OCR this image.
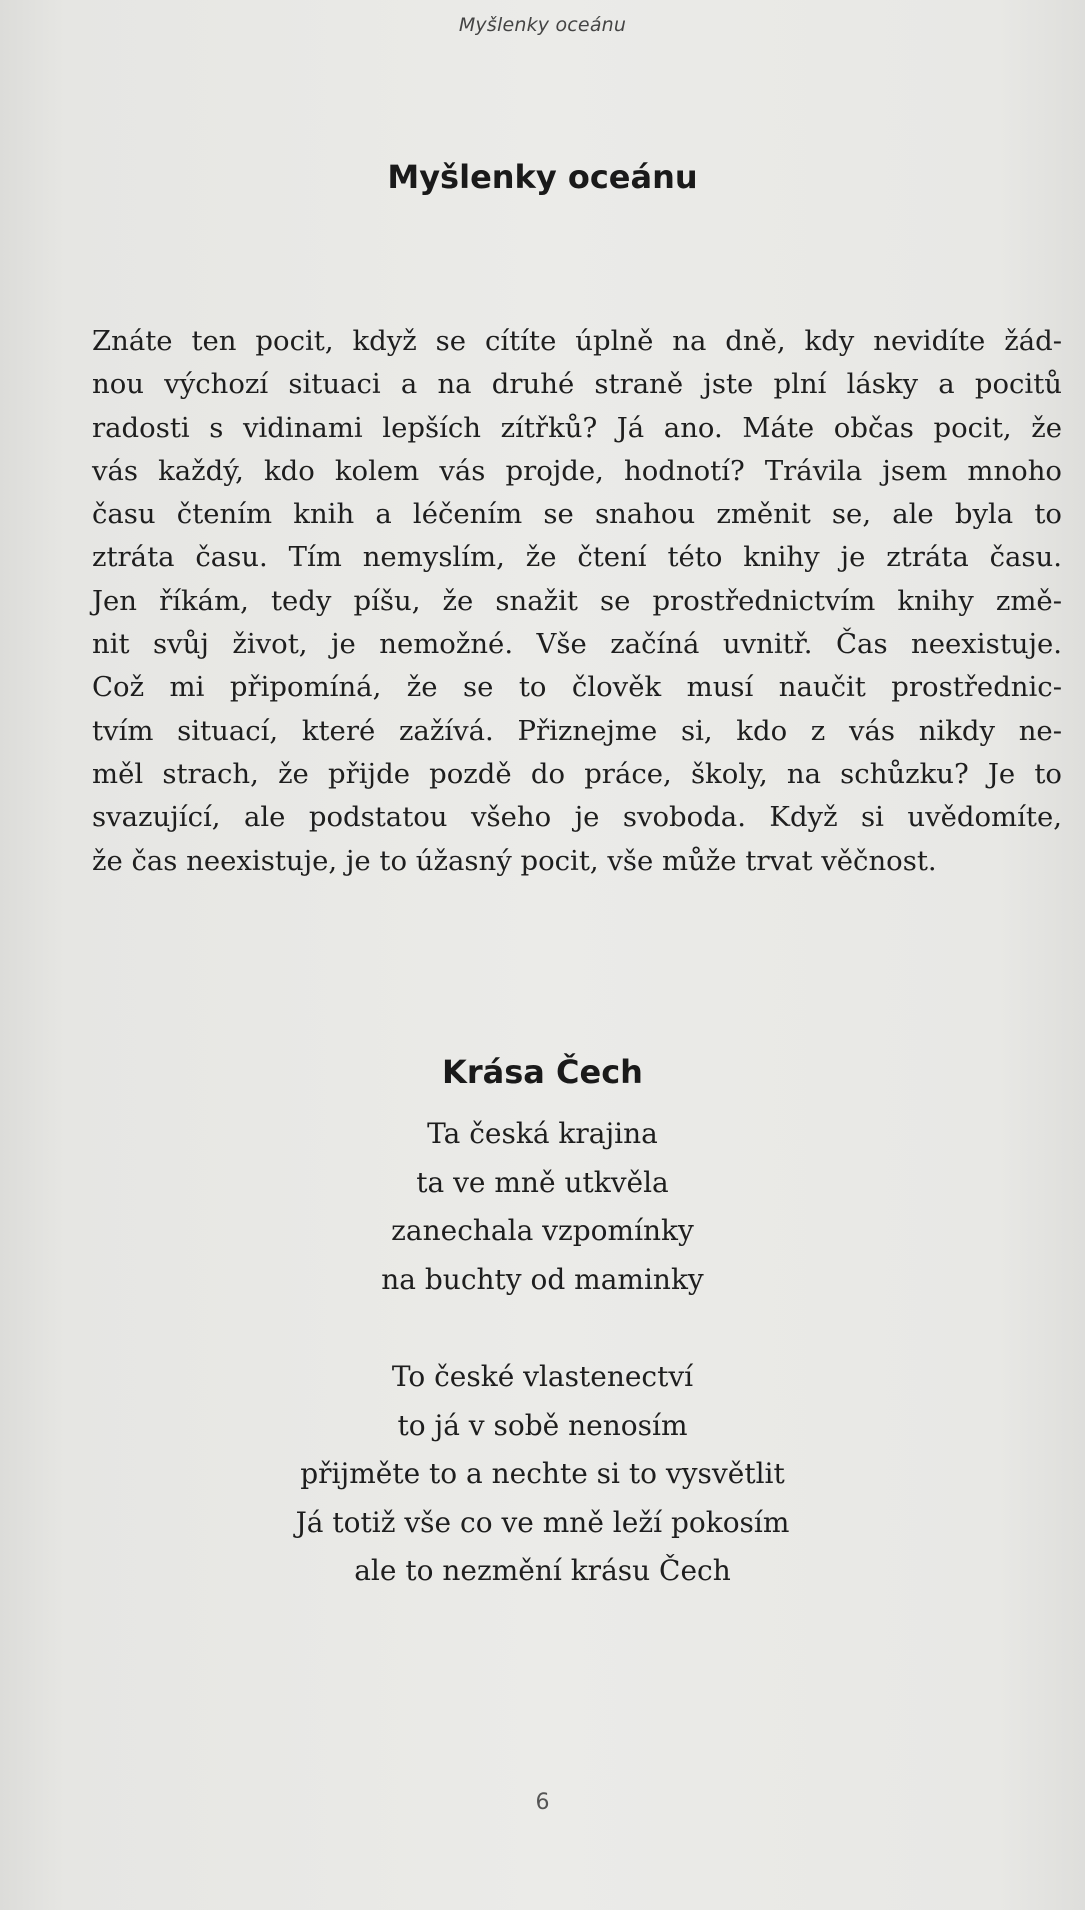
Myšlenky oceánu
Myšlenky oceánu
Znáte ten pocit, když se cítíte úplně na dně, kdy nevidíte žád-
nou výchozí situaci a na druhé straně jste plní lásky a pocitů
radosti s vidinami lepších zítřků? Já ano. Máte občas pocit, že
vás každý, kdo kolem vás projde, hodnotí? Trávila jsem mnoho
času čtením knih a léčením se snahou změnit se, ale byla to
ztráta času. Tím nemyslím, že čtení této knihy je ztráta času.
Jen říkám, tedy píšu, že snažit se prostřednictvím knihy změ-
nit svůj život, je nemožné. Vše začíná uvnitř. Čas neexistuje.
Což mi připomíná, že se to člověk musí naučit prostřednic-
tvím situací, které zažívá. Přiznejme si, kdo z vás nikdy ne-
měl strach, že přijde pozdě do práce, školy, na schůzku? Je to
svazující, ale podstatou všeho je svoboda. Když si uvědomíte,
že čas neexistuje, je to úžasný pocit, vše může trvat věčnost.
Krása Čech
Ta česká krajina
ta ve mně utkvěla
zanechala vzpomínky
na buchty od maminky
To české vlastenectví
to já v sobě nenosím
přijměte to a nechte si to vysvětlit
Já totiž vše co ve mně leží pokosím
ale to nezmění krásu Čech
6
